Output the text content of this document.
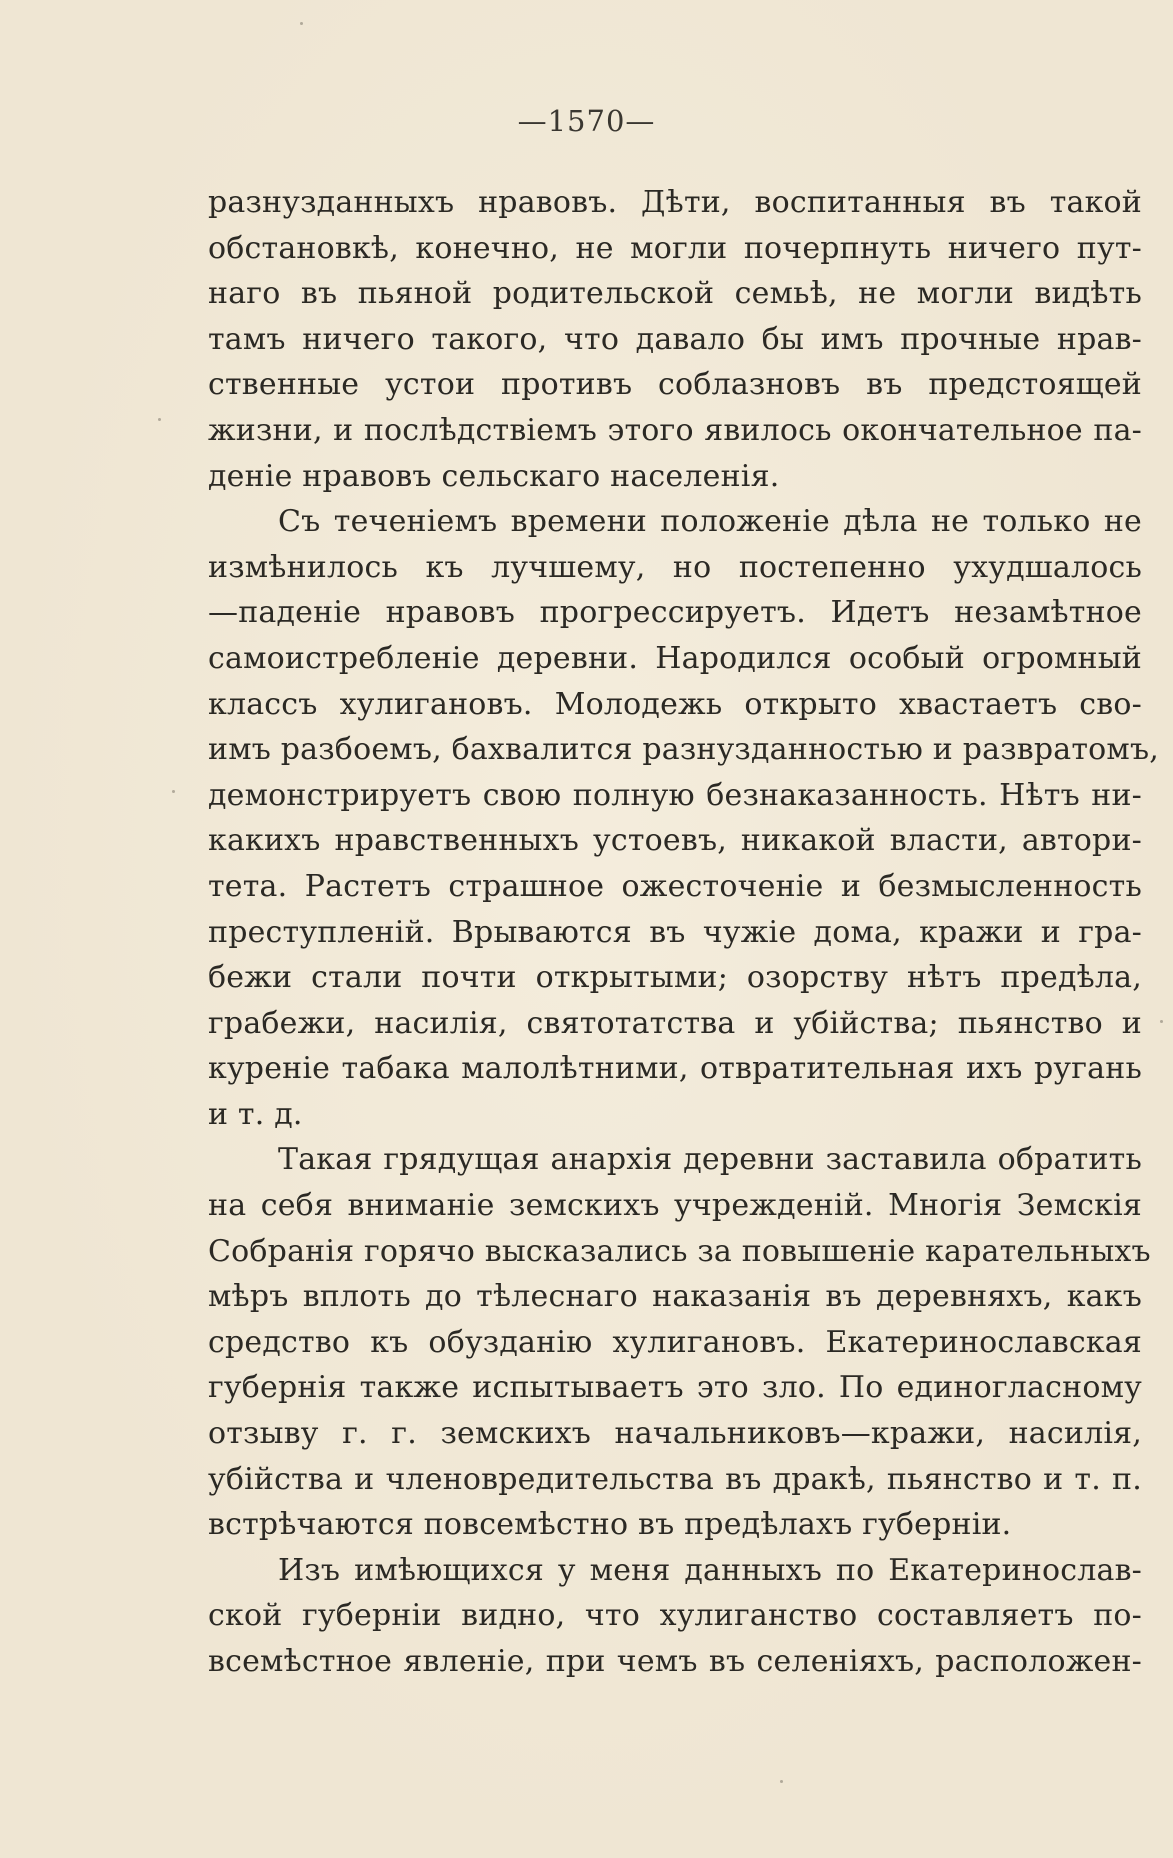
—1570—
разнузданныхъ нравовъ. Дѣти, воспитанныя въ такой
обстановкѣ, конечно, не могли почерпнуть ничего пут-
наго въ пьяной родительской семьѣ, не могли видѣть
тамъ ничего такого, что давало бы имъ прочные нрав-
ственные устои противъ соблазновъ въ предстоящей
жизни, и послѣдствіемъ этого явилось окончательное па-
деніе нравовъ сельскаго населенія.
Съ теченіемъ времени положеніе дѣла не только не
измѣнилось къ лучшему, но постепенно ухудшалось
—паденіе нравовъ прогрессируетъ. Идетъ незамѣтное
самоистребленіе деревни. Народился особый огромный
классъ хулигановъ. Молодежь открыто хвастаетъ сво-
имъ разбоемъ, бахвалится разнузданностью и развратомъ,
демонстрируетъ свою полную безнаказанность. Нѣтъ ни-
какихъ нравственныхъ устоевъ, никакой власти, автори-
тета. Растетъ страшное ожесточеніе и безмысленность
преступленій. Врываются въ чужіе дома, кражи и гра-
бежи стали почти открытыми; озорству нѣтъ предѣла,
грабежи, насилія, святотатства и убійства; пьянство и
куреніе табака малолѣтними, отвратительная ихъ ругань
и т. д.
Такая грядущая анархія деревни заставила обратить
на себя вниманіе земскихъ учрежденій. Многія Земскія
Собранія горячо высказались за повышеніе карательныхъ
мѣръ вплоть до тѣлеснаго наказанія въ деревняхъ, какъ
средство къ обузданію хулигановъ. Екатеринославская
губернія также испытываетъ это зло. По единогласному
отзыву г. г. земскихъ начальниковъ—кражи, насилія,
убійства и членовредительства въ дракѣ, пьянство и т. п.
встрѣчаются повсемѣстно въ предѣлахъ губерніи.
Изъ имѣющихся у меня данныхъ по Екатеринослав-
ской губерніи видно, что хулиганство составляетъ по-
всемѣстное явленіе, при чемъ въ селеніяхъ, расположен-
